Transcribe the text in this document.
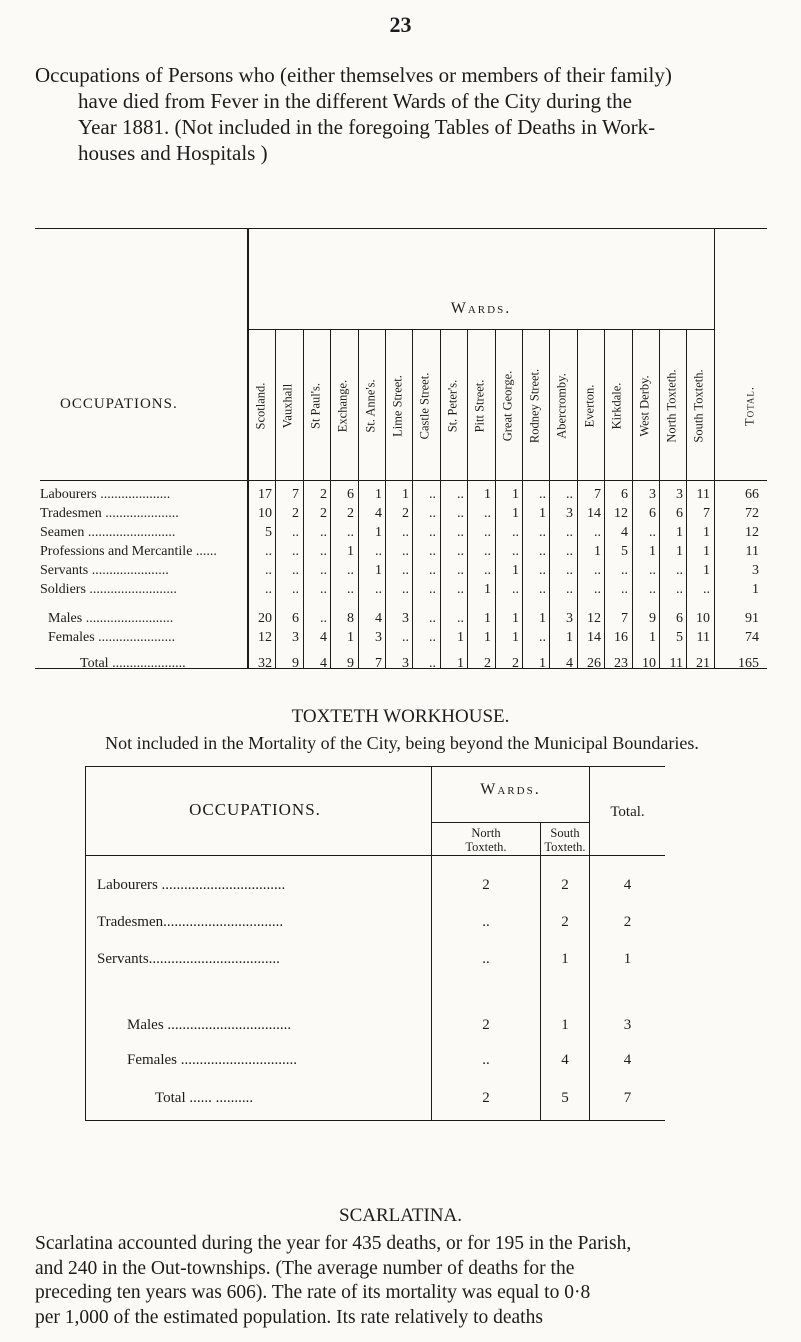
23
Occupations of Persons who (either themselves or members of their family)
have died from Fever in the different Wards of the City during the
Year 1881. (Not included in the foregoing Tables of Deaths in Work-
houses and Hospitals )
OCCUPATIONS.
Wards.
Total.
Scotland. Vauxhall St Paul's. Exchange. St. Anne's. Lime Street. Castle Street. St. Peter's. Pitt Street. Great George. Rodney Street. Abercromby. Everton. Kirkdale. West Derby. North Toxteth. South Toxteth.
Labourers ....................	17	7	2	6	1	1	..	..	1	1	..	..	7	6	3	3 11	66
Tradesmen .....................	10	2	2	2	4	2	..	..	..	1	1	3	14 12	6	6	7	72
Seamen .........................	5	..	..	..	1	..	..	..	..	..	..	..	..	4	..	1	1	12
Professions and Mercantile ......	..	..	..	1	..	..	..	..	..	..	..	..	1	5	1	1	1	11
Servants ......................	..	..	..	..	1	..	..	..	..	1	..	..	..	..	..	..	1	3
Soldiers .........................	..	..	..	..	..	..	..	..	1	..	..	..	..	..	..	..	..	1
Males .........................	20	6	..	8	4	3	..	..	1	1	1	3	12	7	9	6 10	91
Females ......................	12	3	4	1	3	..	..	1	1	1	..	1	14 16	1	5 11	74
Total .....................	32	9	4	9	7	3	..	1	2	2	1	4	26 23	10 11 21	165
TOXTETH WORKHOUSE.
Not included in the Mortality of the City, being beyond the Municipal Boundaries.
OCCUPATIONS.
Wards.
Total.
North
Toxteth.
South
Toxteth.
Labourers .................................	2	2	4
Tradesmen................................	..	2	2
Servants...................................	..	1	1
Males .................................	2	1	3
Females ...............................	..	4	4
Total ...... ..........	2	5	7
SCARLATINA.
Scarlatina accounted during the year for 435 deaths, or for 195 in the Parish,
and 240 in the Out-townships. (The average number of deaths for the
preceding ten years was 606). The rate of its mortality was equal to 0·8
per 1,000 of the estimated population. Its rate relatively to deaths
